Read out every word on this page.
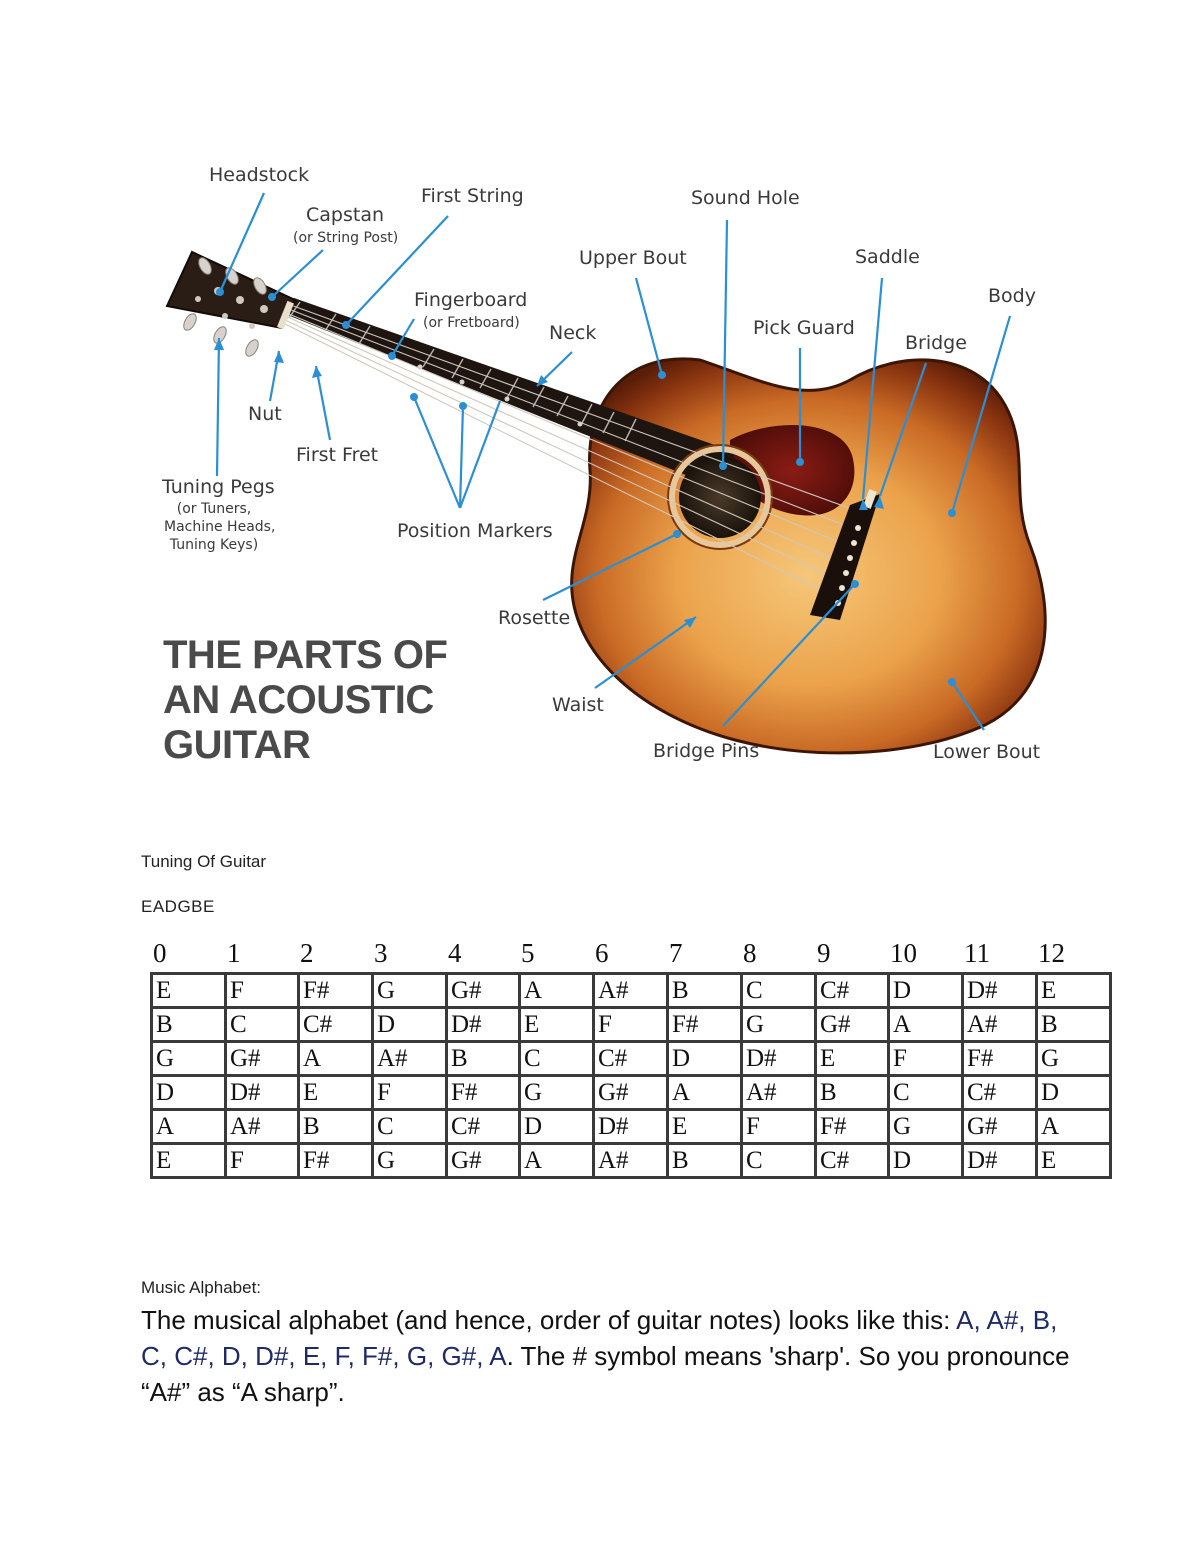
Headstock
Capstan
(or String Post)
First String
Fingerboard
(or Fretboard) Neck
Upper Bout
Sound Hole
Saddle
Pick Guard
Bridge
Body
Nut
First Fret
Tuning Pegs
(or Tuners,
Machine Heads,
Tuning Keys)
Position Markers
Rosette
Waist
Bridge Pins	Lower Bout
THE PARTS OF
AN ACOUSTIC
GUITAR
Tuning Of Guitar
EADGBE
0 1 2 3 4 5 6 7 8 9 10 11 12
E	F	F#	G	G#	A	A#	B	C	C#	D	D#	E
B	C	C#	D	D#	E	F	F#	G	G#	A	A#	B
G	G#	A	A#	B	C	C#	D	D#	E	F	F#	G
D	D#	E	F	F#	G	G#	A	A#	B	C	C#	D
A	A#	B	C	C#	D	D#	E	F	F#	G	G#	A
E	F	F#	G	G#	A	A#	B	C	C#	D	D#	E
Music Alphabet:
The musical alphabet (and hence, order of guitar notes) looks like this: A, A#, B, C, C#, D, D#, E, F, F#, G, G#, A. The # symbol means 'sharp'. So you pronounce “A#” as “A sharp”.
